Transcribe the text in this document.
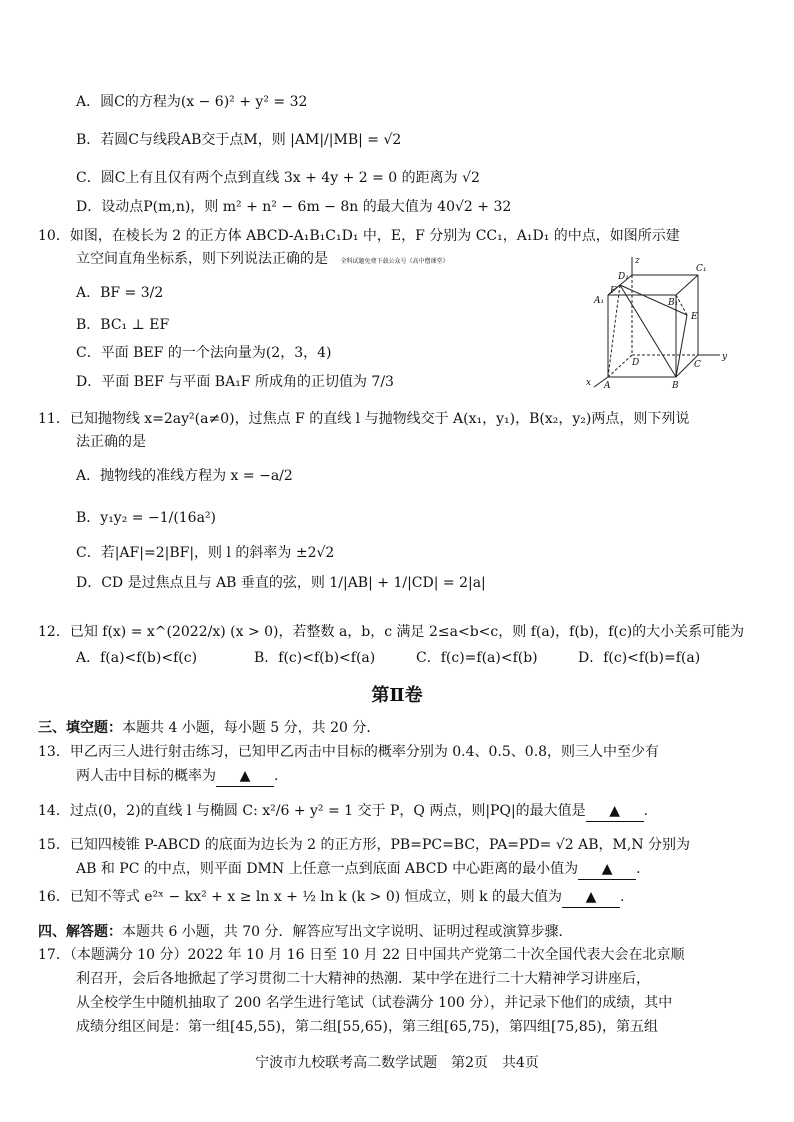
A．圆C的方程为(x − 6)² + y² = 32
B．若圆C与线段AB交于点M，则 |AM|/|MB| = √2
C．圆C上有且仅有两个点到直线 3x + 4y + 2 = 0 的距离为 √2
D．设动点P(m,n)，则 m² + n² − 6m − 8n 的最大值为 40√2 + 32
10．如图，在棱长为 2 的正方体 ABCD-A₁B₁C₁D₁ 中，E，F 分别为 CC₁，A₁D₁ 的中点，如图所示建
立空间直角坐标系，则下列说法正确的是 全科试题免费下载公众号《高中僧课堂》
A．BF = 3/2
B．BC₁ ⊥ EF
C．平面 BEF 的一个法向量为(2，3，4)
D．平面 BEF 与平面 BA₁F 所成角的正切值为 7/3
z
y
x
D₁
C₁
A₁	B₁
F
E
D	C
A	B
11．已知抛物线 x=2ay²(a≠0)，过焦点 F 的直线 l 与抛物线交于 A(x₁，y₁)，B(x₂，y₂)两点，则下列说
法正确的是
A．抛物线的准线方程为 x = −a/2
B．y₁y₂ = −1/(16a²)
C．若|AF|=2|BF|，则 l 的斜率为 ±2√2
D．CD 是过焦点且与 AB 垂直的弦，则 1/|AB| + 1/|CD| = 2|a|
12．已知 f(x) = x^(2022/x) (x > 0)，若整数 a，b，c 满足 2≤a<b<c，则 f(a)，f(b)，f(c)的大小关系可能为
A．f(a)<f(b)<f(c)	B．f(c)<f(b)<f(a)	C．f(c)=f(a)<f(b)	D．f(c)<f(b)=f(a)
第Ⅱ卷
三、填空题：本题共 4 小题，每小题 5 分，共 20 分．
13．甲乙丙三人进行射击练习，已知甲乙丙击中目标的概率分别为 0.4、0.5、0.8，则三人中至少有
两人击中目标的概率为 ▲ .
14．过点(0，2)的直线 l 与椭圆 C: x²/6 + y² = 1 交于 P，Q 两点，则|PQ|的最大值是 ▲ .
15．已知四棱锥 P-ABCD 的底面为边长为 2 的正方形，PB=PC=BC，PA=PD= √2 AB，M,N 分别为
AB 和 PC 的中点，则平面 DMN 上任意一点到底面 ABCD 中心距离的最小值为 ▲ .
16．已知不等式 e²ˣ − kx² + x ≥ ln x + ½ ln k (k > 0) 恒成立，则 k 的最大值为 ▲ .
四、解答题：本题共 6 小题，共 70 分．解答应写出文字说明、证明过程或演算步骤．
17．（本题满分 10 分）2022 年 10 月 16 日至 10 月 22 日中国共产党第二十次全国代表大会在北京顺
利召开，会后各地掀起了学习贯彻二十大精神的热潮．某中学在进行二十大精神学习讲座后，
从全校学生中随机抽取了 200 名学生进行笔试（试卷满分 100 分），并记录下他们的成绩，其中
成绩分组区间是：第一组[45,55)，第二组[55,65)，第三组[65,75)，第四组[75,85)，第五组
宁波市九校联考高二数学试题　第2页　共4页
